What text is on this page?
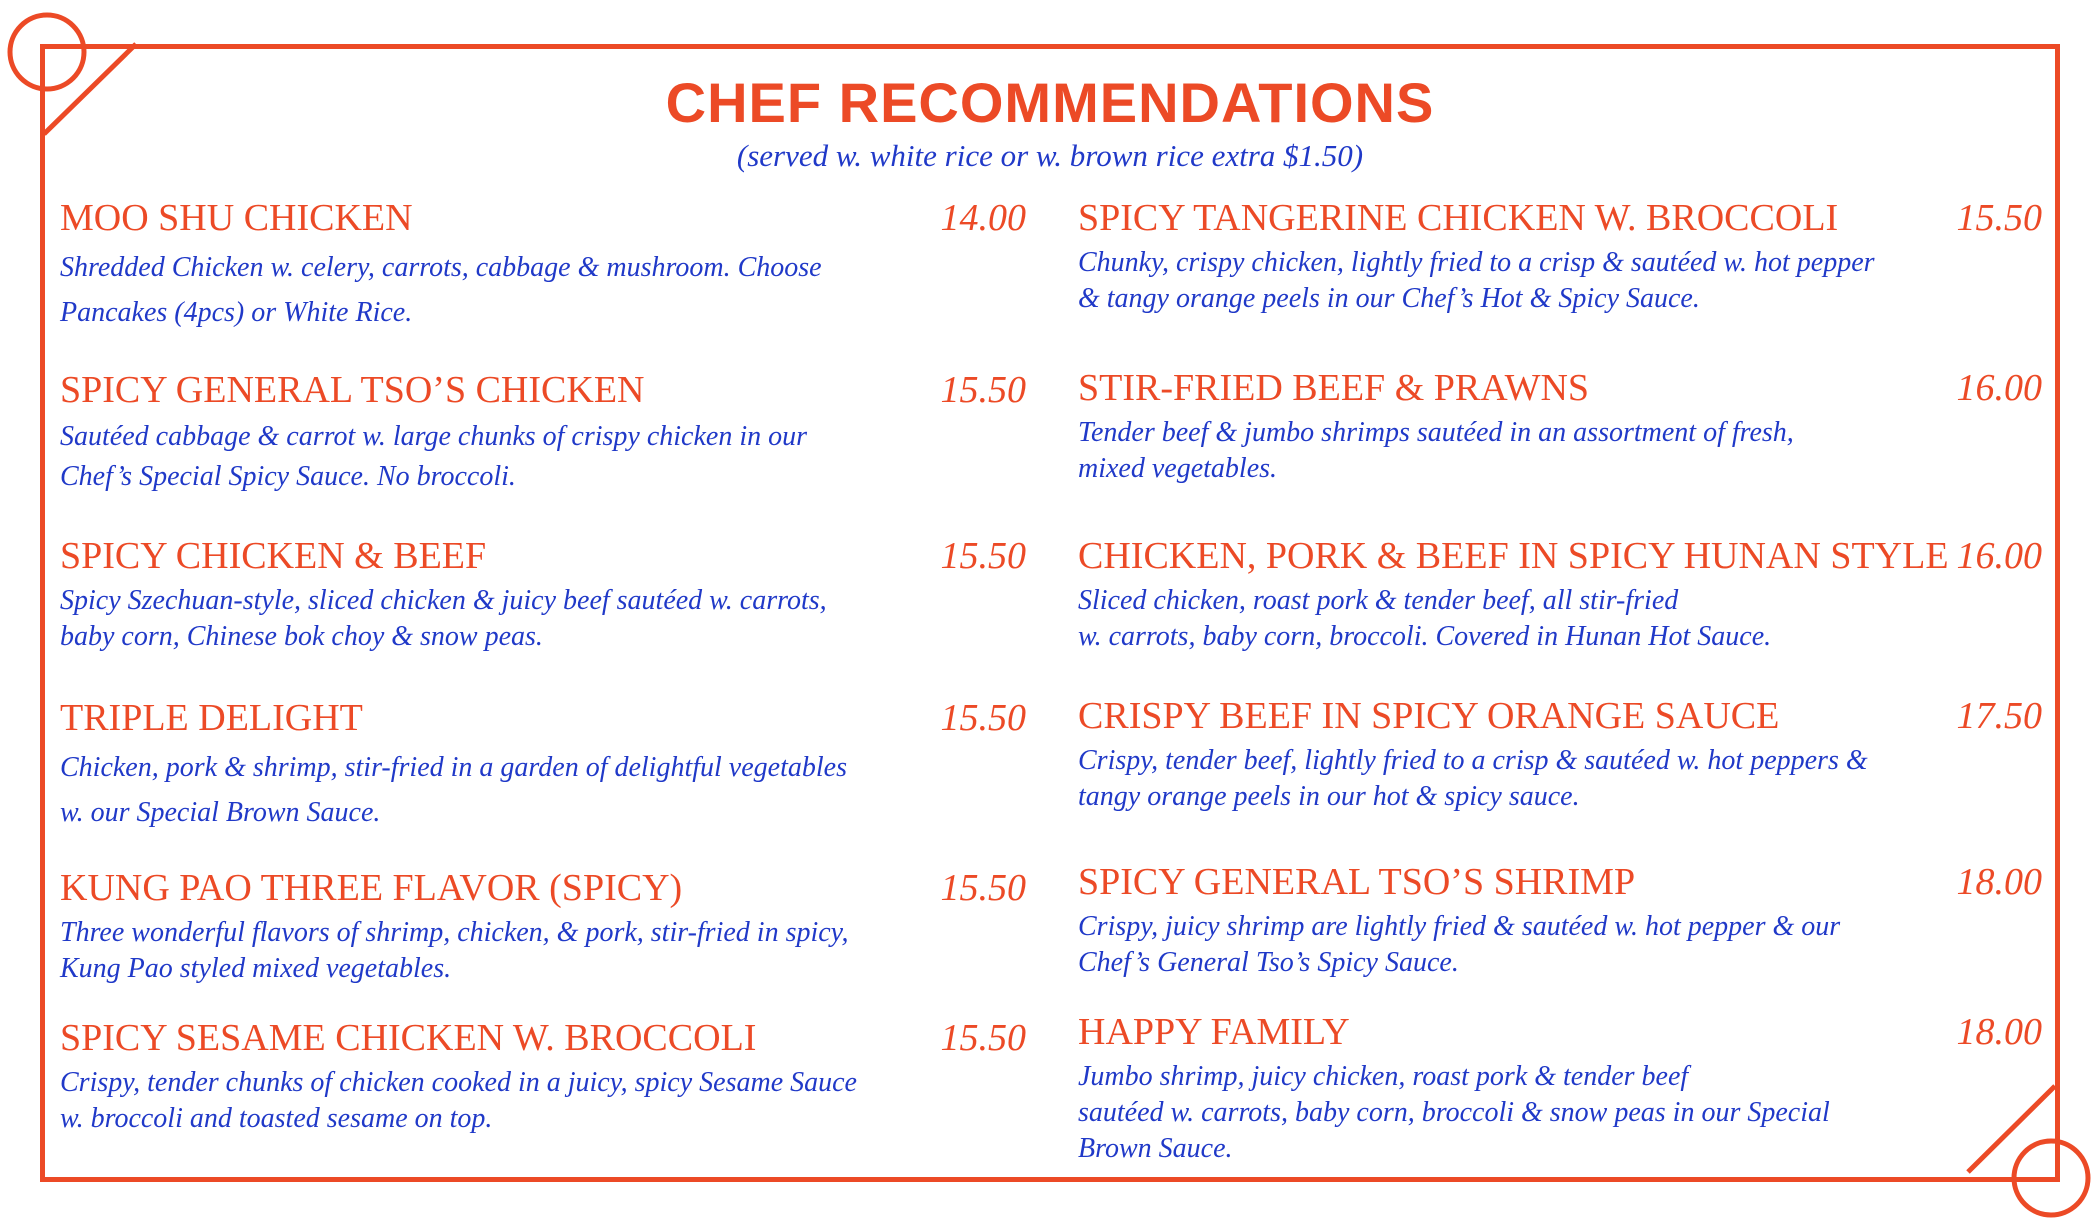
CHEF RECOMMENDATIONS
(served w. white rice or w. brown rice extra $1.50)
MOO SHU CHICKEN	14.00
Shredded Chicken w. celery, carrots, cabbage & mushroom. Choose
Pancakes (4pcs) or White Rice.
SPICY GENERAL TSO’S CHICKEN	15.50
Sautéed cabbage & carrot w. large chunks of crispy chicken in our
Chef’s Special Spicy Sauce. No broccoli.
SPICY CHICKEN & BEEF	15.50
Spicy Szechuan-style, sliced chicken & juicy beef sautéed w. carrots,
baby corn, Chinese bok choy & snow peas.
TRIPLE DELIGHT	15.50
Chicken, pork & shrimp, stir-fried in a garden of delightful vegetables
w. our Special Brown Sauce.
KUNG PAO THREE FLAVOR (SPICY)	15.50
Three wonderful flavors of shrimp, chicken, & pork, stir-fried in spicy,
Kung Pao styled mixed vegetables.
SPICY SESAME CHICKEN W. BROCCOLI	15.50
Crispy, tender chunks of chicken cooked in a juicy, spicy Sesame Sauce
w. broccoli and toasted sesame on top.
SPICY TANGERINE CHICKEN W. BROCCOLI	15.50
Chunky, crispy chicken, lightly fried to a crisp & sautéed w. hot pepper
& tangy orange peels in our Chef’s Hot & Spicy Sauce.
STIR-FRIED BEEF & PRAWNS	16.00
Tender beef & jumbo shrimps sautéed in an assortment of fresh,
mixed vegetables.
CHICKEN, PORK & BEEF IN SPICY HUNAN STYLE 16.00
Sliced chicken, roast pork & tender beef, all stir-fried
w. carrots, baby corn, broccoli. Covered in Hunan Hot Sauce.
CRISPY BEEF IN SPICY ORANGE SAUCE	17.50
Crispy, tender beef, lightly fried to a crisp & sautéed w. hot peppers &
tangy orange peels in our hot & spicy sauce.
SPICY GENERAL TSO’S SHRIMP	18.00
Crispy, juicy shrimp are lightly fried & sautéed w. hot pepper & our
Chef’s General Tso’s Spicy Sauce.
HAPPY FAMILY	18.00
Jumbo shrimp, juicy chicken, roast pork & tender beef
sautéed w. carrots, baby corn, broccoli & snow peas in our Special
Brown Sauce.
